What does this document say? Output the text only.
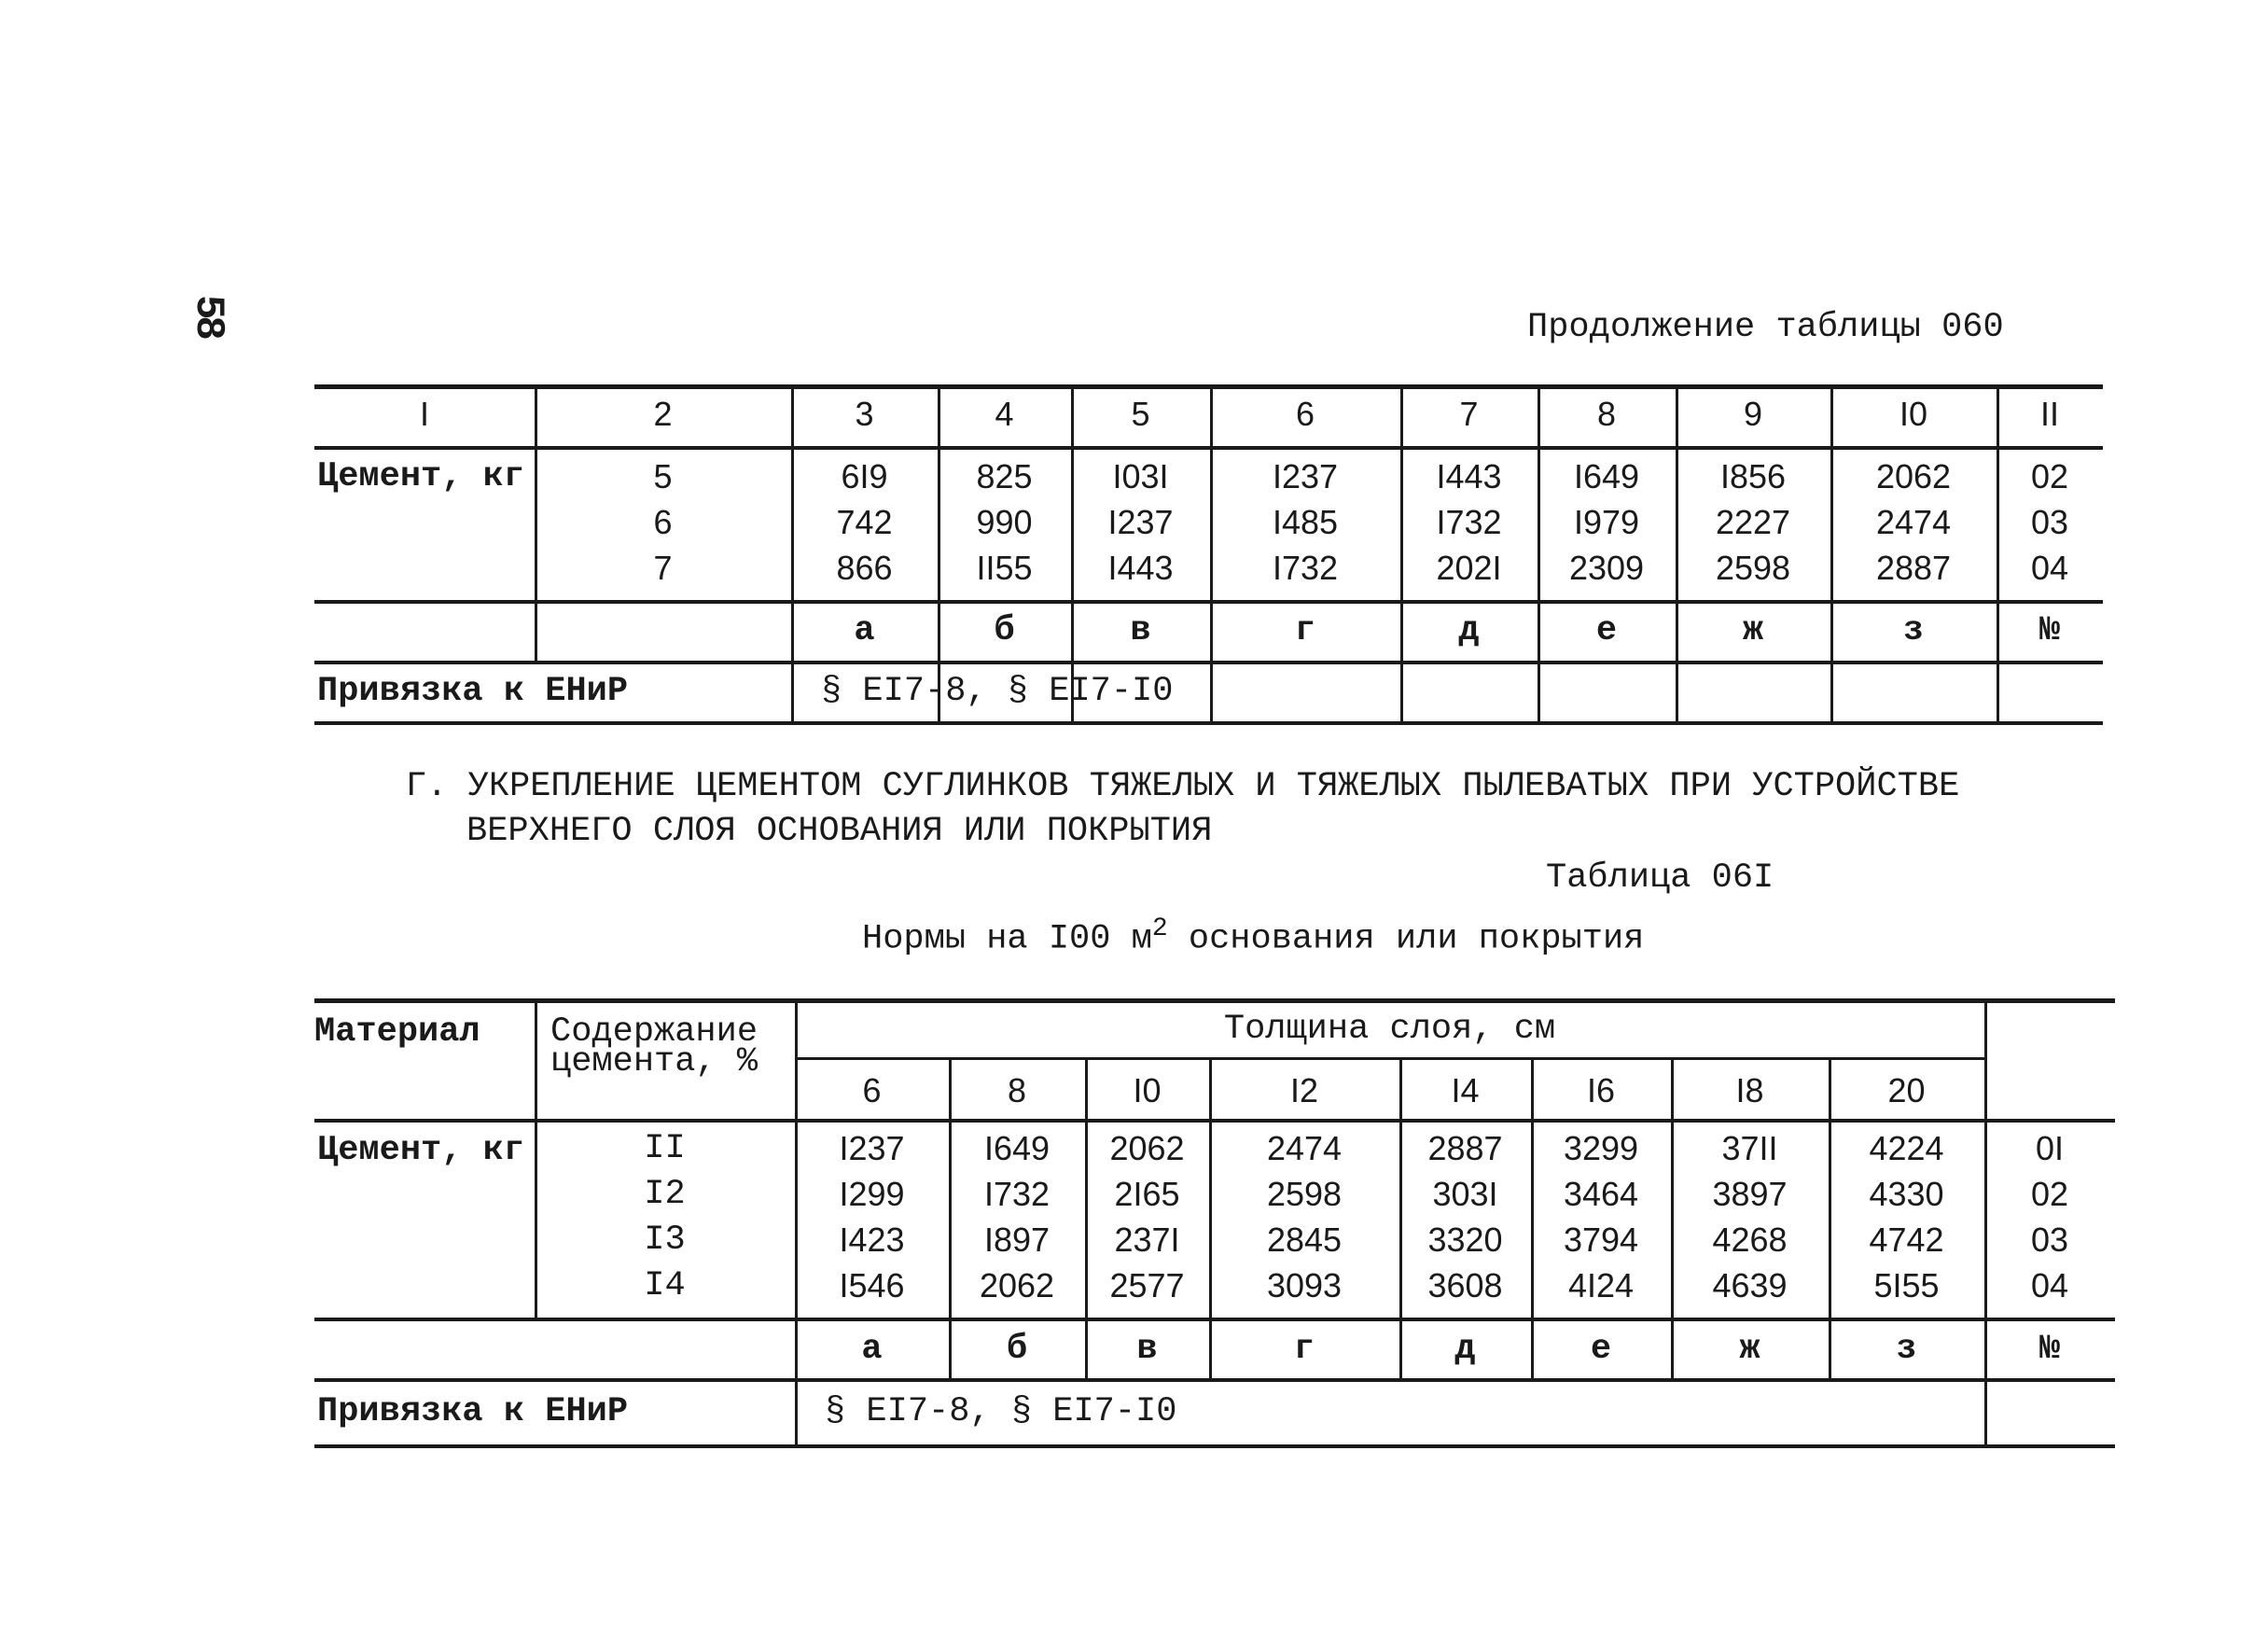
58	Продолжение таблицы 060
I	2	3	4	5	6	7	8	9	I0	II
Цемент, кг	5	6I9	825	I03I	I237	I443	I649	I856	2062	02
6	742	990	I237	I485	I732	I979	2227	2474	03
7	866	II55	I443	I732	202I	2309	2598	2887	04
а	б	в	г	д	е	ж	з	№
Привязка к ЕНиР	§ EI7-8, § EI7-I0
Г. УКРЕПЛЕНИЕ ЦЕМЕНТОМ СУГЛИНКОВ ТЯЖЕЛЫХ И ТЯЖЕЛЫХ ПЫЛЕВАТЫХ ПРИ УСТРОЙСТВЕ
ВЕРХНЕГО СЛОЯ ОСНОВАНИЯ ИЛИ ПОКРЫТИЯ
Таблица 06I
Нормы на I00 $м^2$ основания или покрытия
Материал	Содержание
цемента, %
Толщина слоя, см
6	8	I0	I2	I4	I6	I8	20
Цемент, кг	II	I237	I649	2062	2474	2887	3299	37II	4224	0I
I2	I299	I732	2I65	2598	303I	3464	3897	4330	02
I3	I423	I897	237I	2845	3320	3794	4268	4742	03
I4	I546	2062	2577	3093	3608	4I24	4639	5I55	04
а	б	в	г	д	е	ж	з	№
Привязка к ЕНиР	§ EI7-8, § EI7-I0
